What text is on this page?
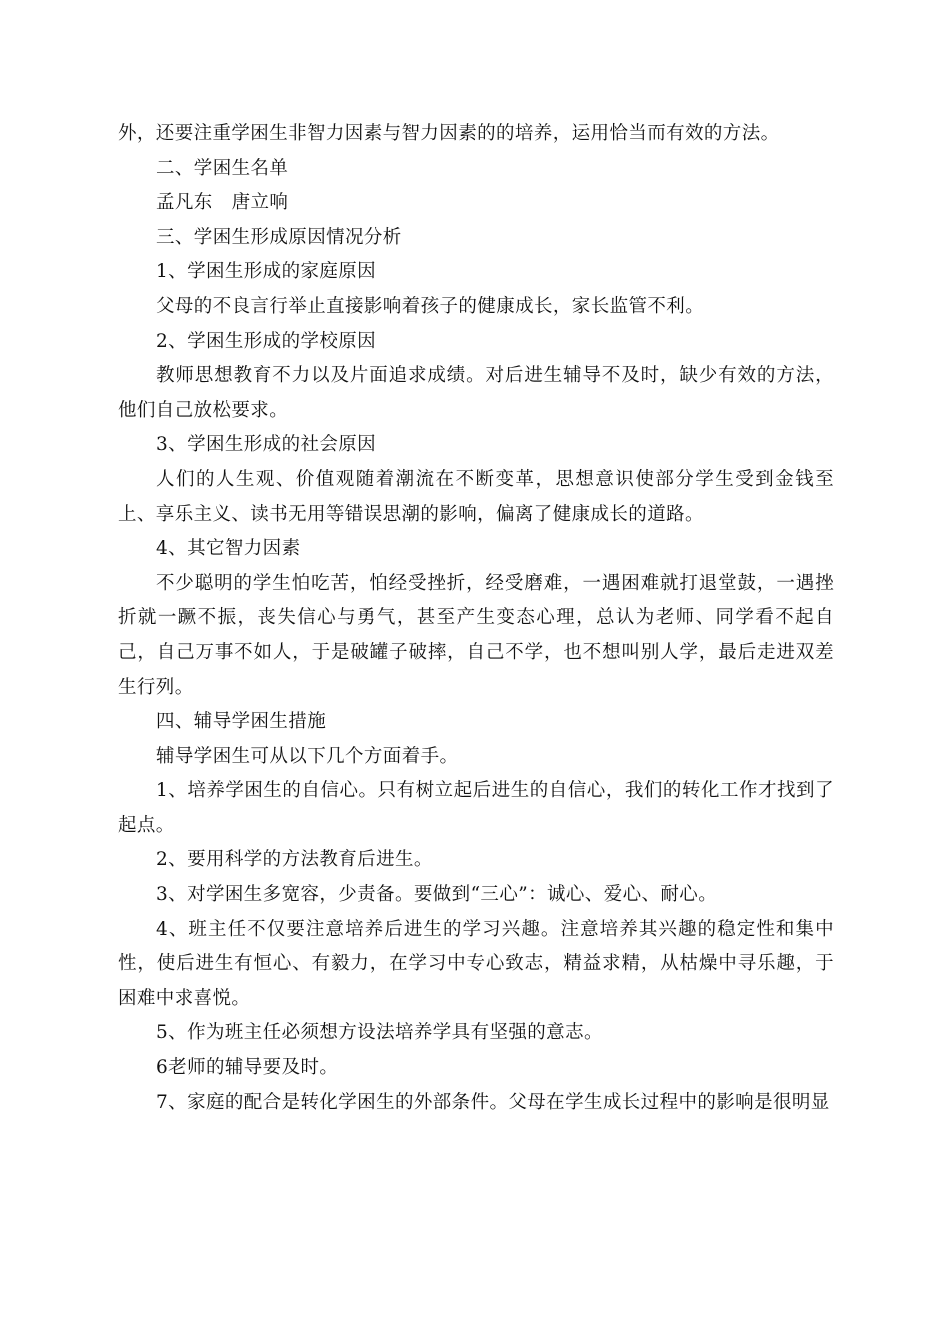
外，还要注重学困生非智力因素与智力因素的的培养，运用恰当而有效的方法。

二、学困生名单

孟凡东　唐立响

三、学困生形成原因情况分析

1、学困生形成的家庭原因

父母的不良言行举止直接影响着孩子的健康成长，家长监管不利。

2、学困生形成的学校原因

教师思想教育不力以及片面追求成绩。对后进生辅导不及时，缺少有效的方法，他们自己放松要求。

3、学困生形成的社会原因

人们的人生观、价值观随着潮流在不断变革，思想意识使部分学生受到金钱至上、享乐主义、读书无用等错误思潮的影响，偏离了健康成长的道路。

4、其它智力因素

不少聪明的学生怕吃苦，怕经受挫折，经受磨难，一遇困难就打退堂鼓，一遇挫折就一蹶不振，丧失信心与勇气，甚至产生变态心理，总认为老师、同学看不起自己，自己万事不如人，于是破罐子破摔，自己不学，也不想叫别人学，最后走进双差生行列。

四、辅导学困生措施

辅导学困生可从以下几个方面着手。

1、培养学困生的自信心。只有树立起后进生的自信心，我们的转化工作才找到了起点。

2、要用科学的方法教育后进生。

3、对学困生多宽容，少责备。要做到“三心”：诚心、爱心、耐心。

4、班主任不仅要注意培养后进生的学习兴趣。注意培养其兴趣的稳定性和集中性，使后进生有恒心、有毅力，在学习中专心致志，精益求精，从枯燥中寻乐趣，于困难中求喜悦。

5、作为班主任必须想方设法培养学具有坚强的意志。

6老师的辅导要及时。

7、家庭的配合是转化学困生的外部条件。父母在学生成长过程中的影响是很明显
